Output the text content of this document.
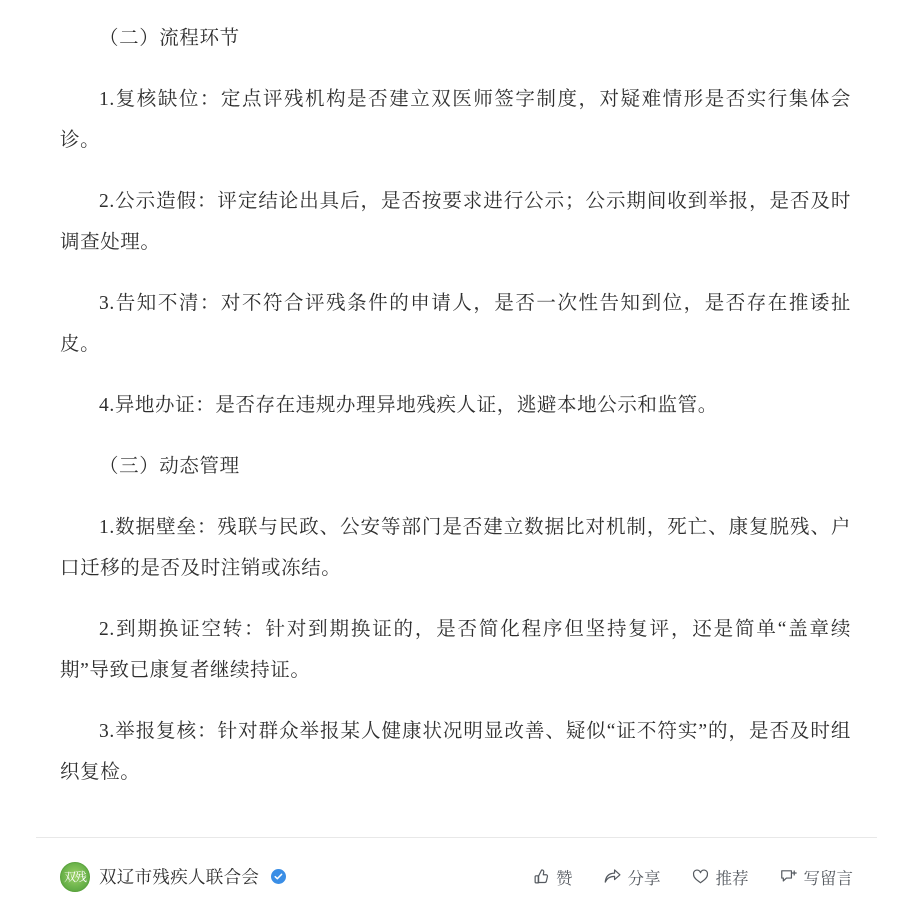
（二）流程环节

1.复核缺位：定点评残机构是否建立双医师签字制度，对疑难情形是否实行集体会诊。

2.公示造假：评定结论出具后，是否按要求进行公示；公示期间收到举报，是否及时调查处理。

3.告知不清：对不符合评残条件的申请人，是否一次性告知到位，是否存在推诿扯皮。

4.异地办证：是否存在违规办理异地残疾人证，逃避本地公示和监管。

（三）动态管理

1.数据壁垒：残联与民政、公安等部门是否建立数据比对机制，死亡、康复脱残、户口迁移的是否及时注销或冻结。

2.到期换证空转：针对到期换证的，是否简化程序但坚持复评，还是简单“盖章续期”导致已康复者继续持证。

3.举报复核：针对群众举报某人健康状况明显改善、疑似“证不符实”的，是否及时组织复检。

双残 双辽市残疾人联合会	赞	分享	推荐	写留言
